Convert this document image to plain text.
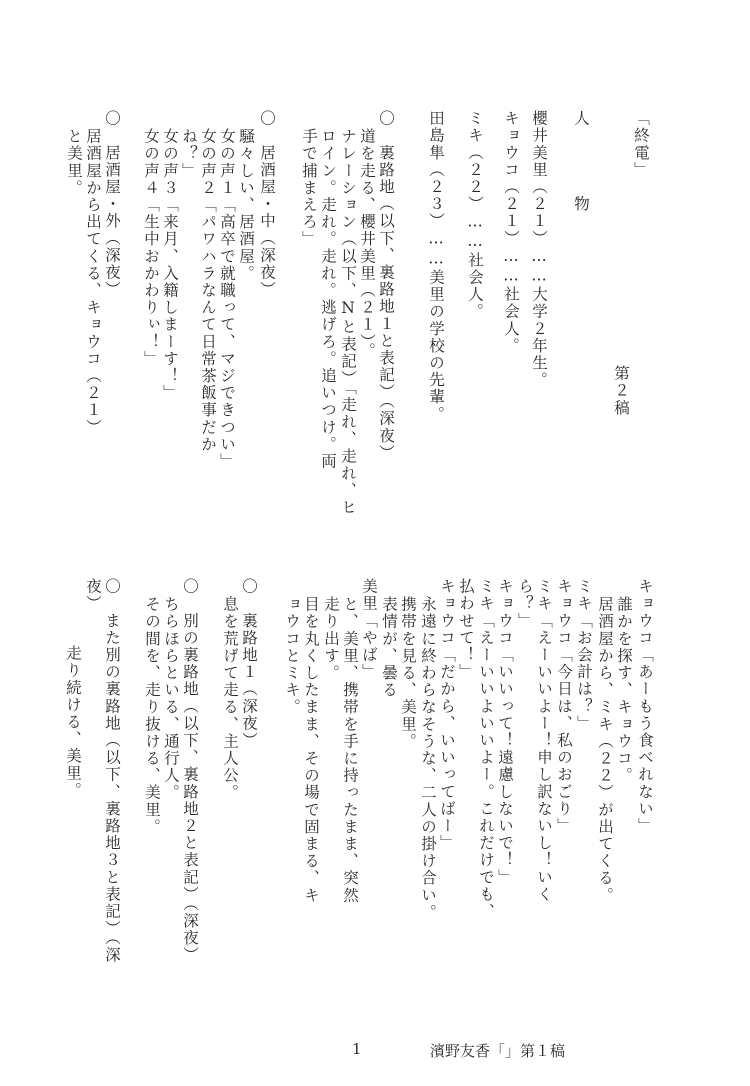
「終電」
第２稿
人　　　　物
櫻井美里（２１）……大学２年生。
キョウコ（２１）……社会人。
ミキ（２２）……社会人。
田島隼（２３）……美里の学校の先輩。
〇　裏路地（以下、裏路地１と表記）（深夜）
道を走る、櫻井美里（２１）。
ナレーション（以下、Nと表記）「走れ、走れ、ヒ
ロイン。走れ。走れ。逃げろ。追いつけ。両
手で捕まえろ」
〇　居酒屋・中（深夜）
騒々しい、居酒屋。
女の声１「高卒で就職って、マジできつい」
女の声２「パワハラなんて日常茶飯事だか
ね？」
女の声３「来月、入籍しまーす！」
女の声４「生中おかわりぃ！」
〇　居酒屋・外（深夜）
居酒屋から出てくる、キョウコ（２１）
と美里。
キョウコ「あーもう食べれない」
誰かを探す、キョウコ。
居酒屋から、ミキ（２２）が出てくる。
ミキ「お会計は？」
キョウコ「今日は、私のおごり」
ミキ「えーいいよー！申し訳ないし！いく
ら？」
キョウコ「いいって！遠慮しないで！」
ミキ「えーいいよいいよー。これだけでも、
払わせて！」
キョウコ「だから、いいってばー」
永遠に終わらなそうな、二人の掛け合い。
携帯を見る、美里。
表情が、曇る
美里「やば」
と、美里、携帯を手に持ったまま、突然
走り出す。
目を丸くしたまま、その場で固まる、キ
ョウコとミキ。
〇　裏路地１（深夜）
息を荒げて走る、主人公。
〇　別の裏路地（以下、裏路地２と表記）（深夜）
ちらほらといる、通行人。
その間を、走り抜ける、美里。
〇　また別の裏路地（以下、裏路地３と表記）（深
夜）
走り続ける、美里。
1	濱野友香「」第１稿
